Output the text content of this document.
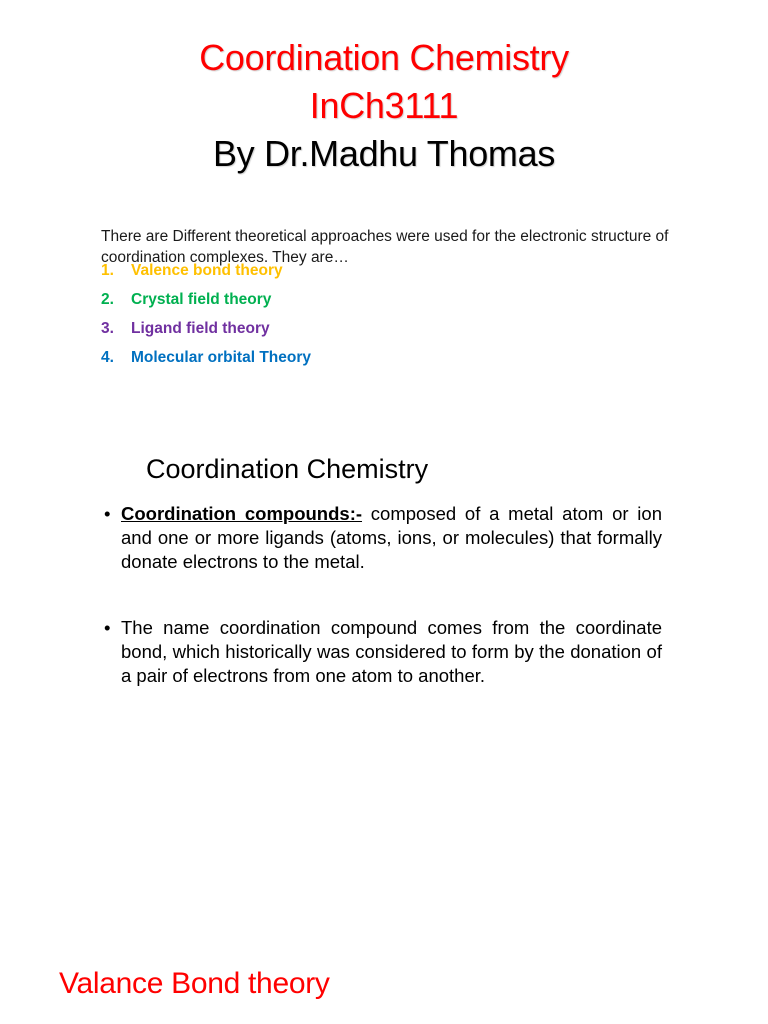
Coordination Chemistry
InCh3111
By Dr.Madhu Thomas

There are Different theoretical approaches were used for the electronic structure of coordination complexes. They are…

1. Valence bond theory
2. Crystal field theory
3. Ligand field theory
4. Molecular orbital Theory
Coordination Chemistry
• Coordination compounds:- composed of a metal atom or ion and one or more ligands (atoms, ions, or molecules) that formally donate electrons to the metal.
• The name coordination compound comes from the coordinate bond, which historically was considered to form by the donation of a pair of electrons from one atom to another.
Valance Bond theory
